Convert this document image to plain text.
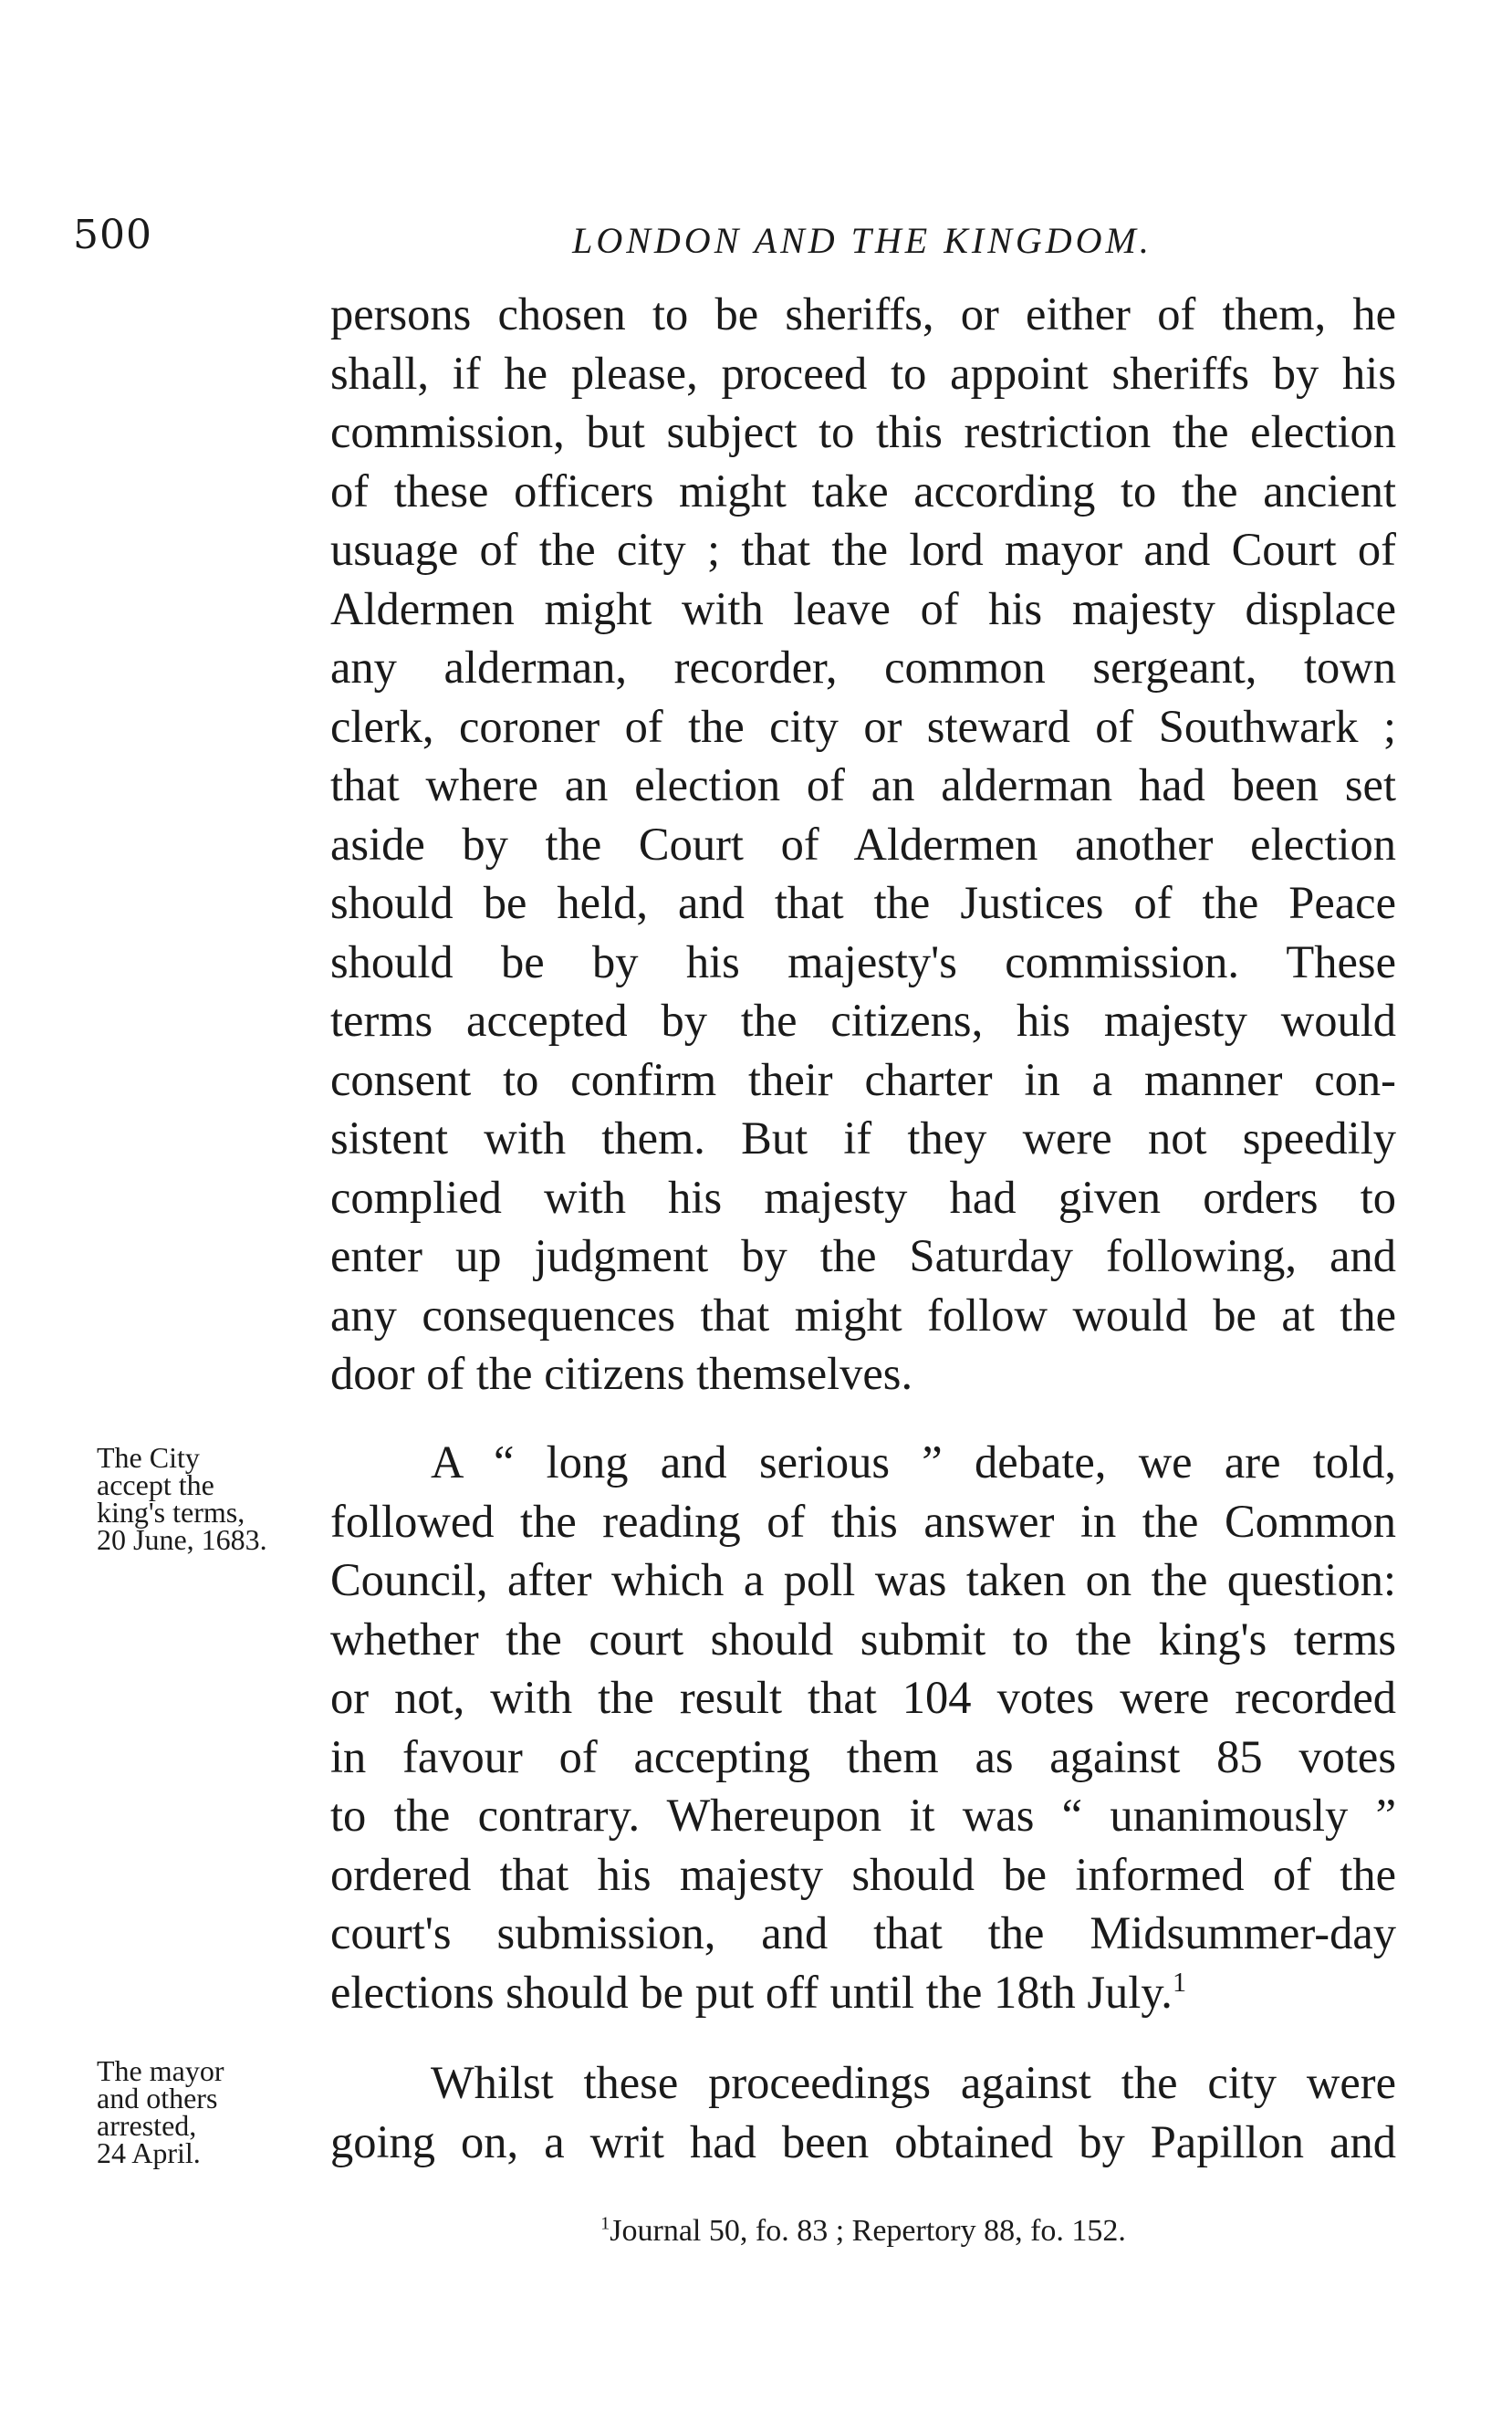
500	LONDON AND THE KINGDOM.
persons chosen to be sheriffs, or either of them, he
shall, if he please, proceed to appoint sheriffs by his
commission, but subject to this restriction the election
of these officers might take according to the ancient
usuage of the city ; that the lord mayor and Court of
Aldermen might with leave of his majesty displace
any alderman, recorder, common sergeant, town
clerk, coroner of the city or steward of Southwark ;
that where an election of an alderman had been set
aside by the Court of Aldermen another election
should be held, and that the Justices of the Peace
should be by his majesty's commission. These
terms accepted by the citizens, his majesty would
consent to confirm their charter in a manner con-
sistent with them. But if they were not speedily
complied with his majesty had given orders to
enter up judgment by the Saturday following, and
any consequences that might follow would be at the
door of the citizens themselves.
The City
accept the
king's terms,
20 June, 1683.
A “ long and serious ” debate, we are told,
followed the reading of this answer in the Common
Council, after which a poll was taken on the question:
whether the court should submit to the king's terms
or not, with the result that 104 votes were recorded
in favour of accepting them as against 85 votes
to the contrary. Whereupon it was “ unanimously ”
ordered that his majesty should be informed of the
court's submission, and that the Midsummer-day
elections should be put off until the 18th July.$^1$
The mayor
and others
arrested,
24 April.
Whilst these proceedings against the city were
going on, a writ had been obtained by Papillon and
$^1$Journal 50, fo. 83 ; Repertory 88, fo. 152.
